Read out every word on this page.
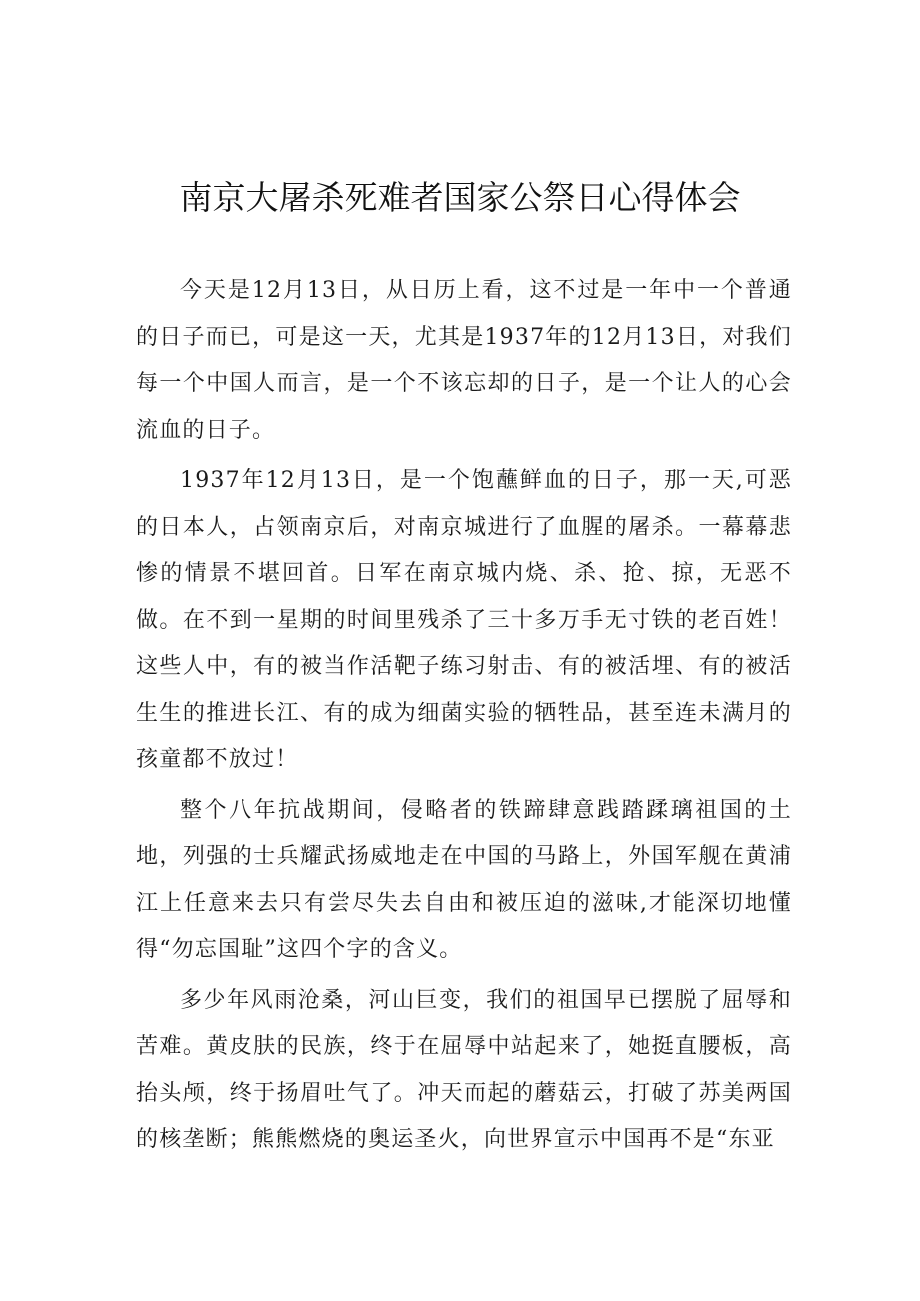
南京大屠杀死难者国家公祭日心得体会

今天是12月13日，从日历上看，这不过是一年中一个普通的日子而已，可是这一天，尤其是1937年的12月13日，对我们每一个中国人而言，是一个不该忘却的日子，是一个让人的心会流血的日子。

1937年12月13日，是一个饱蘸鲜血的日子，那一天,可恶的日本人，占领南京后，对南京城进行了血腥的屠杀。一幕幕悲惨的情景不堪回首。日军在南京城内烧、杀、抢、掠，无恶不做。在不到一星期的时间里残杀了三十多万手无寸铁的老百姓！这些人中，有的被当作活靶子练习射击、有的被活埋、有的被活生生的推进长江、有的成为细菌实验的牺牲品，甚至连未满月的孩童都不放过！

整个八年抗战期间，侵略者的铁蹄肆意践踏蹂璃祖国的土地，列强的士兵耀武扬威地走在中国的马路上，外国军舰在黄浦江上任意来去只有尝尽失去自由和被压迫的滋味,才能深切地懂得“勿忘国耻”这四个字的含义。

多少年风雨沧桑，河山巨变，我们的祖国早已摆脱了屈辱和苦难。黄皮肤的民族，终于在屈辱中站起来了，她挺直腰板，高抬头颅，终于扬眉吐气了。冲天而起的蘑菇云，打破了苏美两国的核垄断；熊熊燃烧的奥运圣火，向世界宣示中国再不是“东亚
